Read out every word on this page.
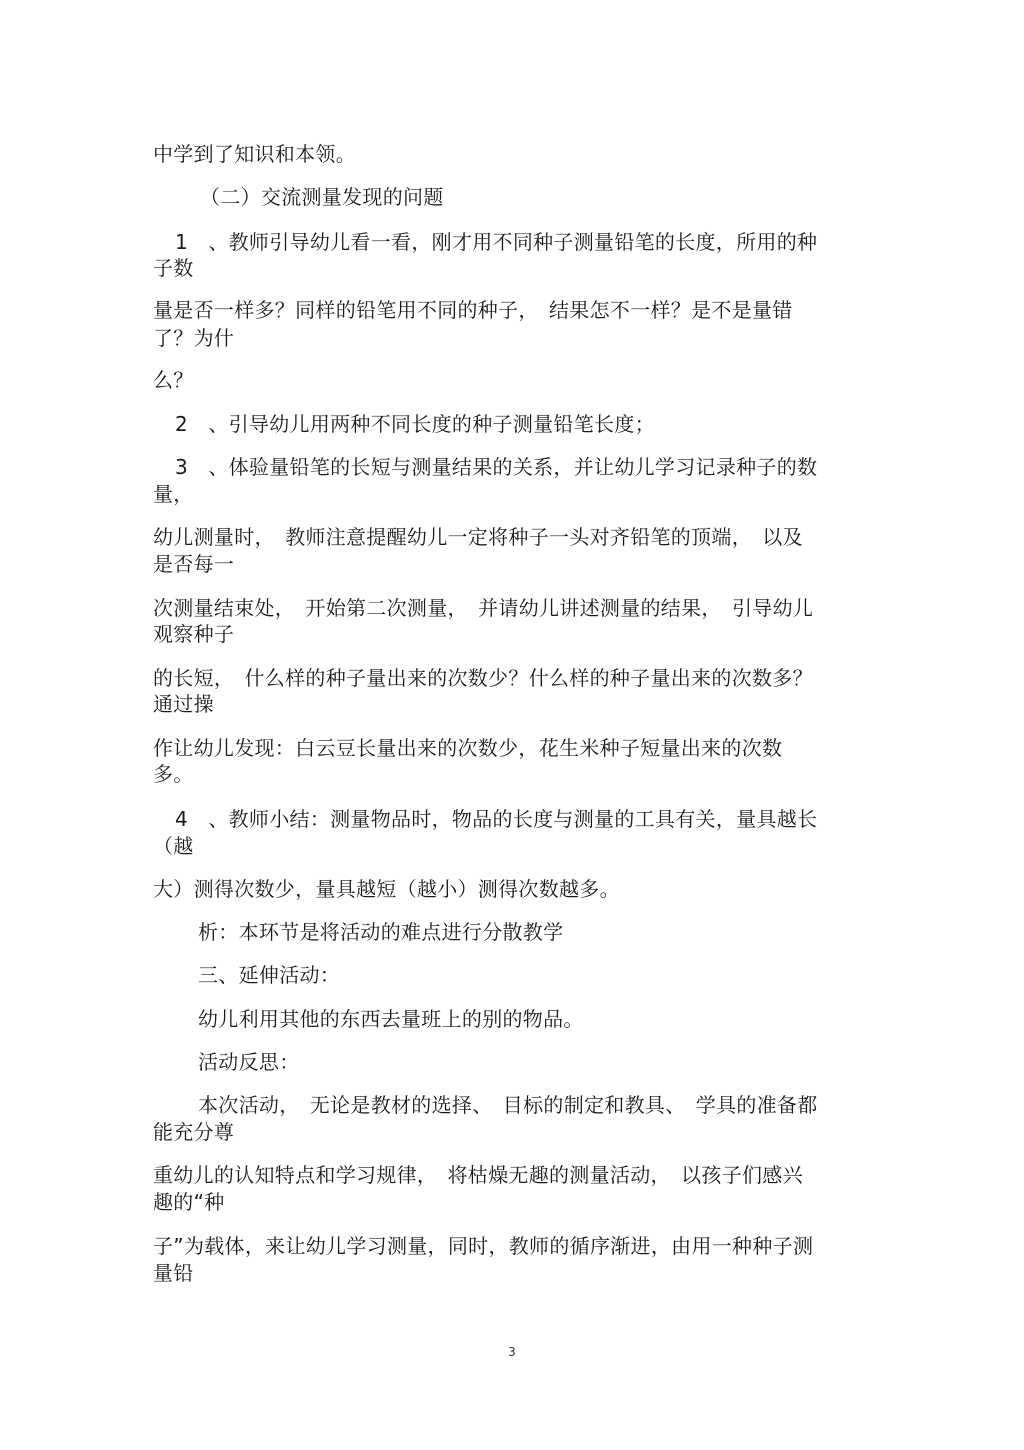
中学到了知识和本领。
（二）交流测量发现的问题
1　、教师引导幼儿看一看，刚才用不同种子测量铅笔的长度，所用的种
子数
量是否一样多？同样的铅笔用不同的种子，　结果怎不一样？是不是量错
了？为什
么？
2　、引导幼儿用两种不同长度的种子测量铅笔长度；
3　、体验量铅笔的长短与测量结果的关系，并让幼儿学习记录种子的数
量，
幼儿测量时，　教师注意提醒幼儿一定将种子一头对齐铅笔的顶端，　以及
是否每一
次测量结束处，　开始第二次测量，　并请幼儿讲述测量的结果，　引导幼儿
观察种子
的长短，　什么样的种子量出来的次数少？什么样的种子量出来的次数多？
通过操
作让幼儿发现：白云豆长量出来的次数少，花生米种子短量出来的次数
多。
4　、教师小结：测量物品时，物品的长度与测量的工具有关，量具越长
（越
大）测得次数少，量具越短（越小）测得次数越多。
析：本环节是将活动的难点进行分散教学
三、延伸活动：
幼儿利用其他的东西去量班上的别的物品。
活动反思：
本次活动，　无论是教材的选择、　目标的制定和教具、　学具的准备都
能充分尊
重幼儿的认知特点和学习规律，　将枯燥无趣的测量活动，　以孩子们感兴
趣的“种
子”为载体，来让幼儿学习测量，同时，教师的循序渐进，由用一种种子测
量铅
3
